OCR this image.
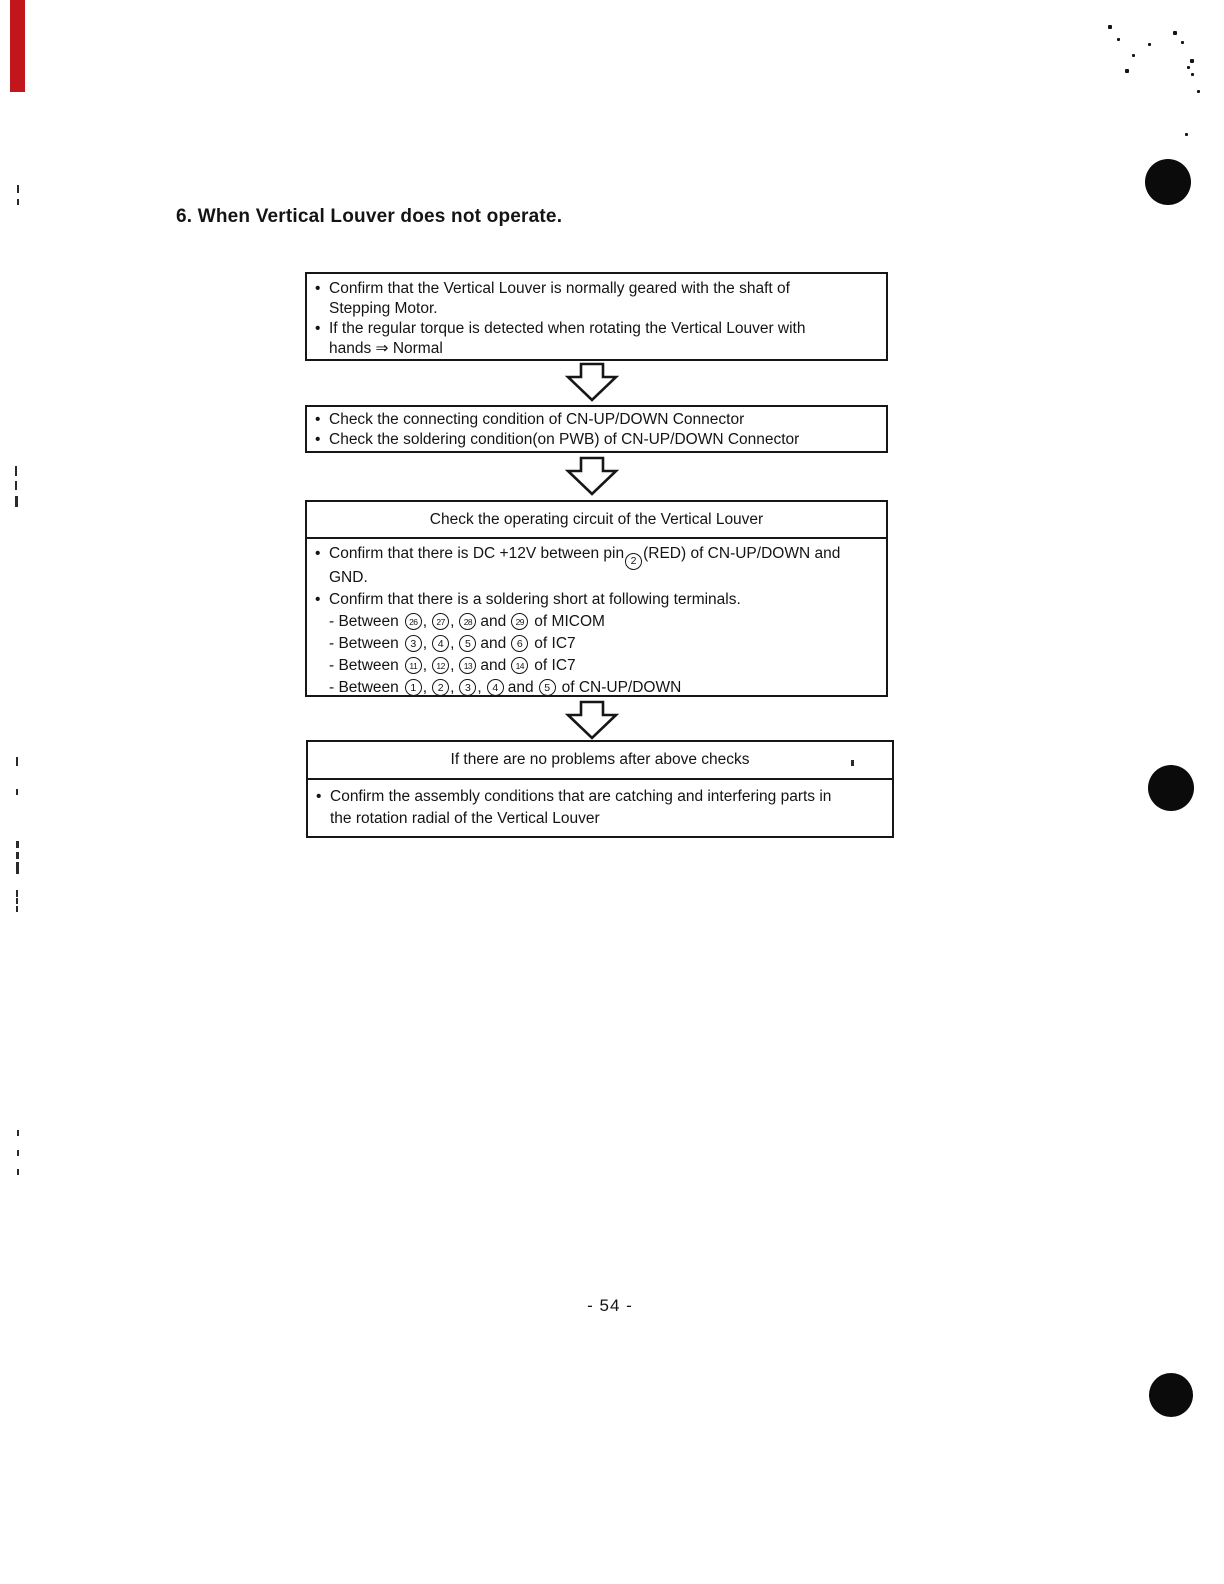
6. When Vertical Louver does not operate.
• Confirm that the Vertical Louver is normally geared with the shaft of
Stepping Motor.
• If the regular torque is detected when rotating the Vertical Louver with
hands ⇒ Normal
• Check the connecting condition of CN-UP/DOWN Connector
• Check the soldering condition(on PWB) of CN-UP/DOWN Connector
Check the operating circuit of the Vertical Louver
• Confirm that there is DC +12V between pin 2 (RED) of CN-UP/DOWN and
GND.
• Confirm that there is a soldering short at following terminals.
- Between	26 ,	27 ,	28 and	29 of MICOM
- Between	3 ,	4 ,	5 and	6 of IC7
- Between	11 ,	12 ,	13 and	14 of IC7
- Between	1 ,	2 ,	3 ,	4 and	5 of CN-UP/DOWN
If there are no problems after above checks
• Confirm the assembly conditions that are catching and interfering parts in
the rotation radial of the Vertical Louver
- 54 -
